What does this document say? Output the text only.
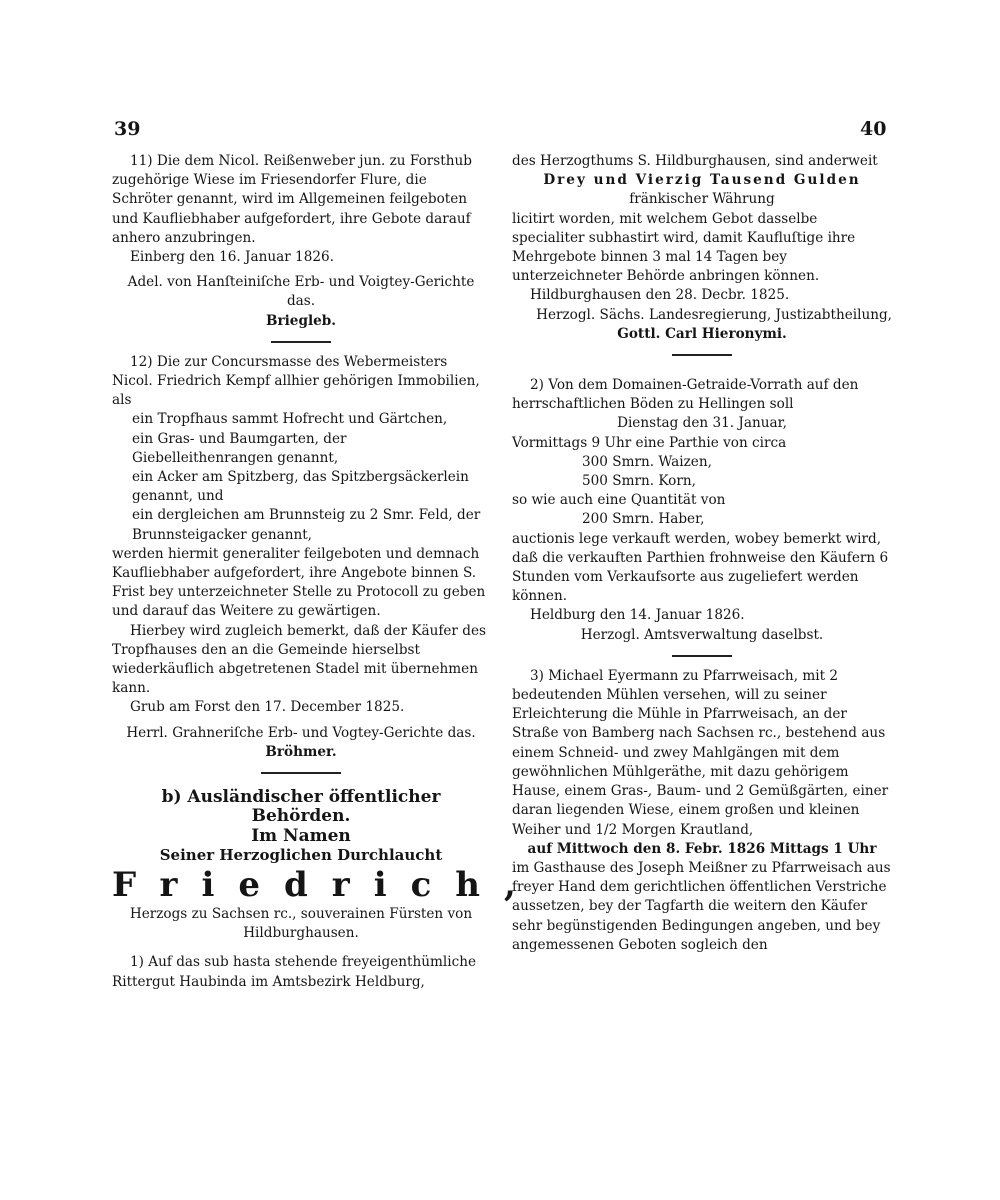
39	40

11) Die dem Nicol. Reißenweber jun. zu Forsthub zugehörige Wiese im Friesendorfer Flure, die Schröter genannt, wird im Allgemeinen feilgeboten und Kaufliebhaber aufgefordert, ihre Gebote darauf anhero anzubringen.

Einberg den 16. Januar 1826.

Adel. von Hanſteiniſche Erb- und Voigtey-Gerichte das.

Briegleb.

12) Die zur Concursmasse des Webermeisters Nicol. Friedrich Kempf allhier gehörigen Immobilien, als

ein Tropfhaus sammt Hofrecht und Gärtchen,

ein Gras- und Baumgarten, der Giebelleithenrangen genannt,

ein Acker am Spitzberg, das Spitzbergsäckerlein genannt, und

ein dergleichen am Brunnsteig zu 2 Smr. Feld, der Brunnsteigacker genannt,

werden hiermit generaliter feilgeboten und demnach Kaufliebhaber aufgefordert, ihre Angebote binnen S. Frist bey unterzeichneter Stelle zu Protocoll zu geben und darauf das Weitere zu gewärtigen.

Hierbey wird zugleich bemerkt, daß der Käufer des Tropfhauses den an die Gemeinde hierselbst wiederkäuflich abgetretenen Stadel mit übernehmen kann.

Grub am Forst den 17. December 1825.

Herrl. Grahneriſche Erb- und Vogtey-Gerichte das.

Bröhmer.

b) Ausländischer öffentlicher Behörden.

Im Namen

Seiner Herzoglichen Durchlaucht

Friedrich,

Herzogs zu Sachsen rc., souverainen Fürsten von Hildburghausen.

1) Auf das sub hasta stehende freyeigenthümliche Rittergut Haubinda im Amtsbezirk Heldburg,

des Herzogthums S. Hildburghausen, sind anderweit

Drey und Vierzig Tausend Gulden

fränkischer Währung

licitirt worden, mit welchem Gebot dasselbe specialiter subhastirt wird, damit Kaufluſtige ihre Mehrgebote binnen 3 mal 14 Tagen bey unterzeichneter Behörde anbringen können.

Hildburghausen den 28. Decbr. 1825.

Herzogl. Sächs. Landesregierung, Justizabtheilung,

Gottl. Carl Hieronymi.

2) Von dem Domainen-Getraide-Vorrath auf den herrschaftlichen Böden zu Hellingen soll

Dienstag den 31. Januar,

Vormittags 9 Uhr eine Parthie von circa

300 Smrn. Waizen,

500 Smrn. Korn,

so wie auch eine Quantität von

200 Smrn. Haber,

auctionis lege verkauft werden, wobey bemerkt wird, daß die verkauften Parthien frohnweise den Käufern 6 Stunden vom Verkaufsorte aus zugeliefert werden können.

Heldburg den 14. Januar 1826.

Herzogl. Amtsverwaltung daselbst.

3) Michael Eyermann zu Pfarrweisach, mit 2 bedeutenden Mühlen versehen, will zu seiner Erleichterung die Mühle in Pfarrweisach, an der Straße von Bamberg nach Sachsen rc., bestehend aus einem Schneid- und zwey Mahlgängen mit dem gewöhnlichen Mühlgeräthe, mit dazu gehörigem Hause, einem Gras-, Baum- und 2 Gemüßgärten, einer daran liegenden Wiese, einem großen und kleinen Weiher und 1/2 Morgen Krautland,

auf Mittwoch den 8. Febr. 1826 Mittags 1 Uhr

im Gasthause des Joseph Meißner zu Pfarrweisach aus freyer Hand dem gerichtlichen öffentlichen Verstriche aussetzen, bey der Tagfarth die weitern den Käufer sehr begünstigenden Bedingungen angeben, und bey angemessenen Geboten sogleich den
